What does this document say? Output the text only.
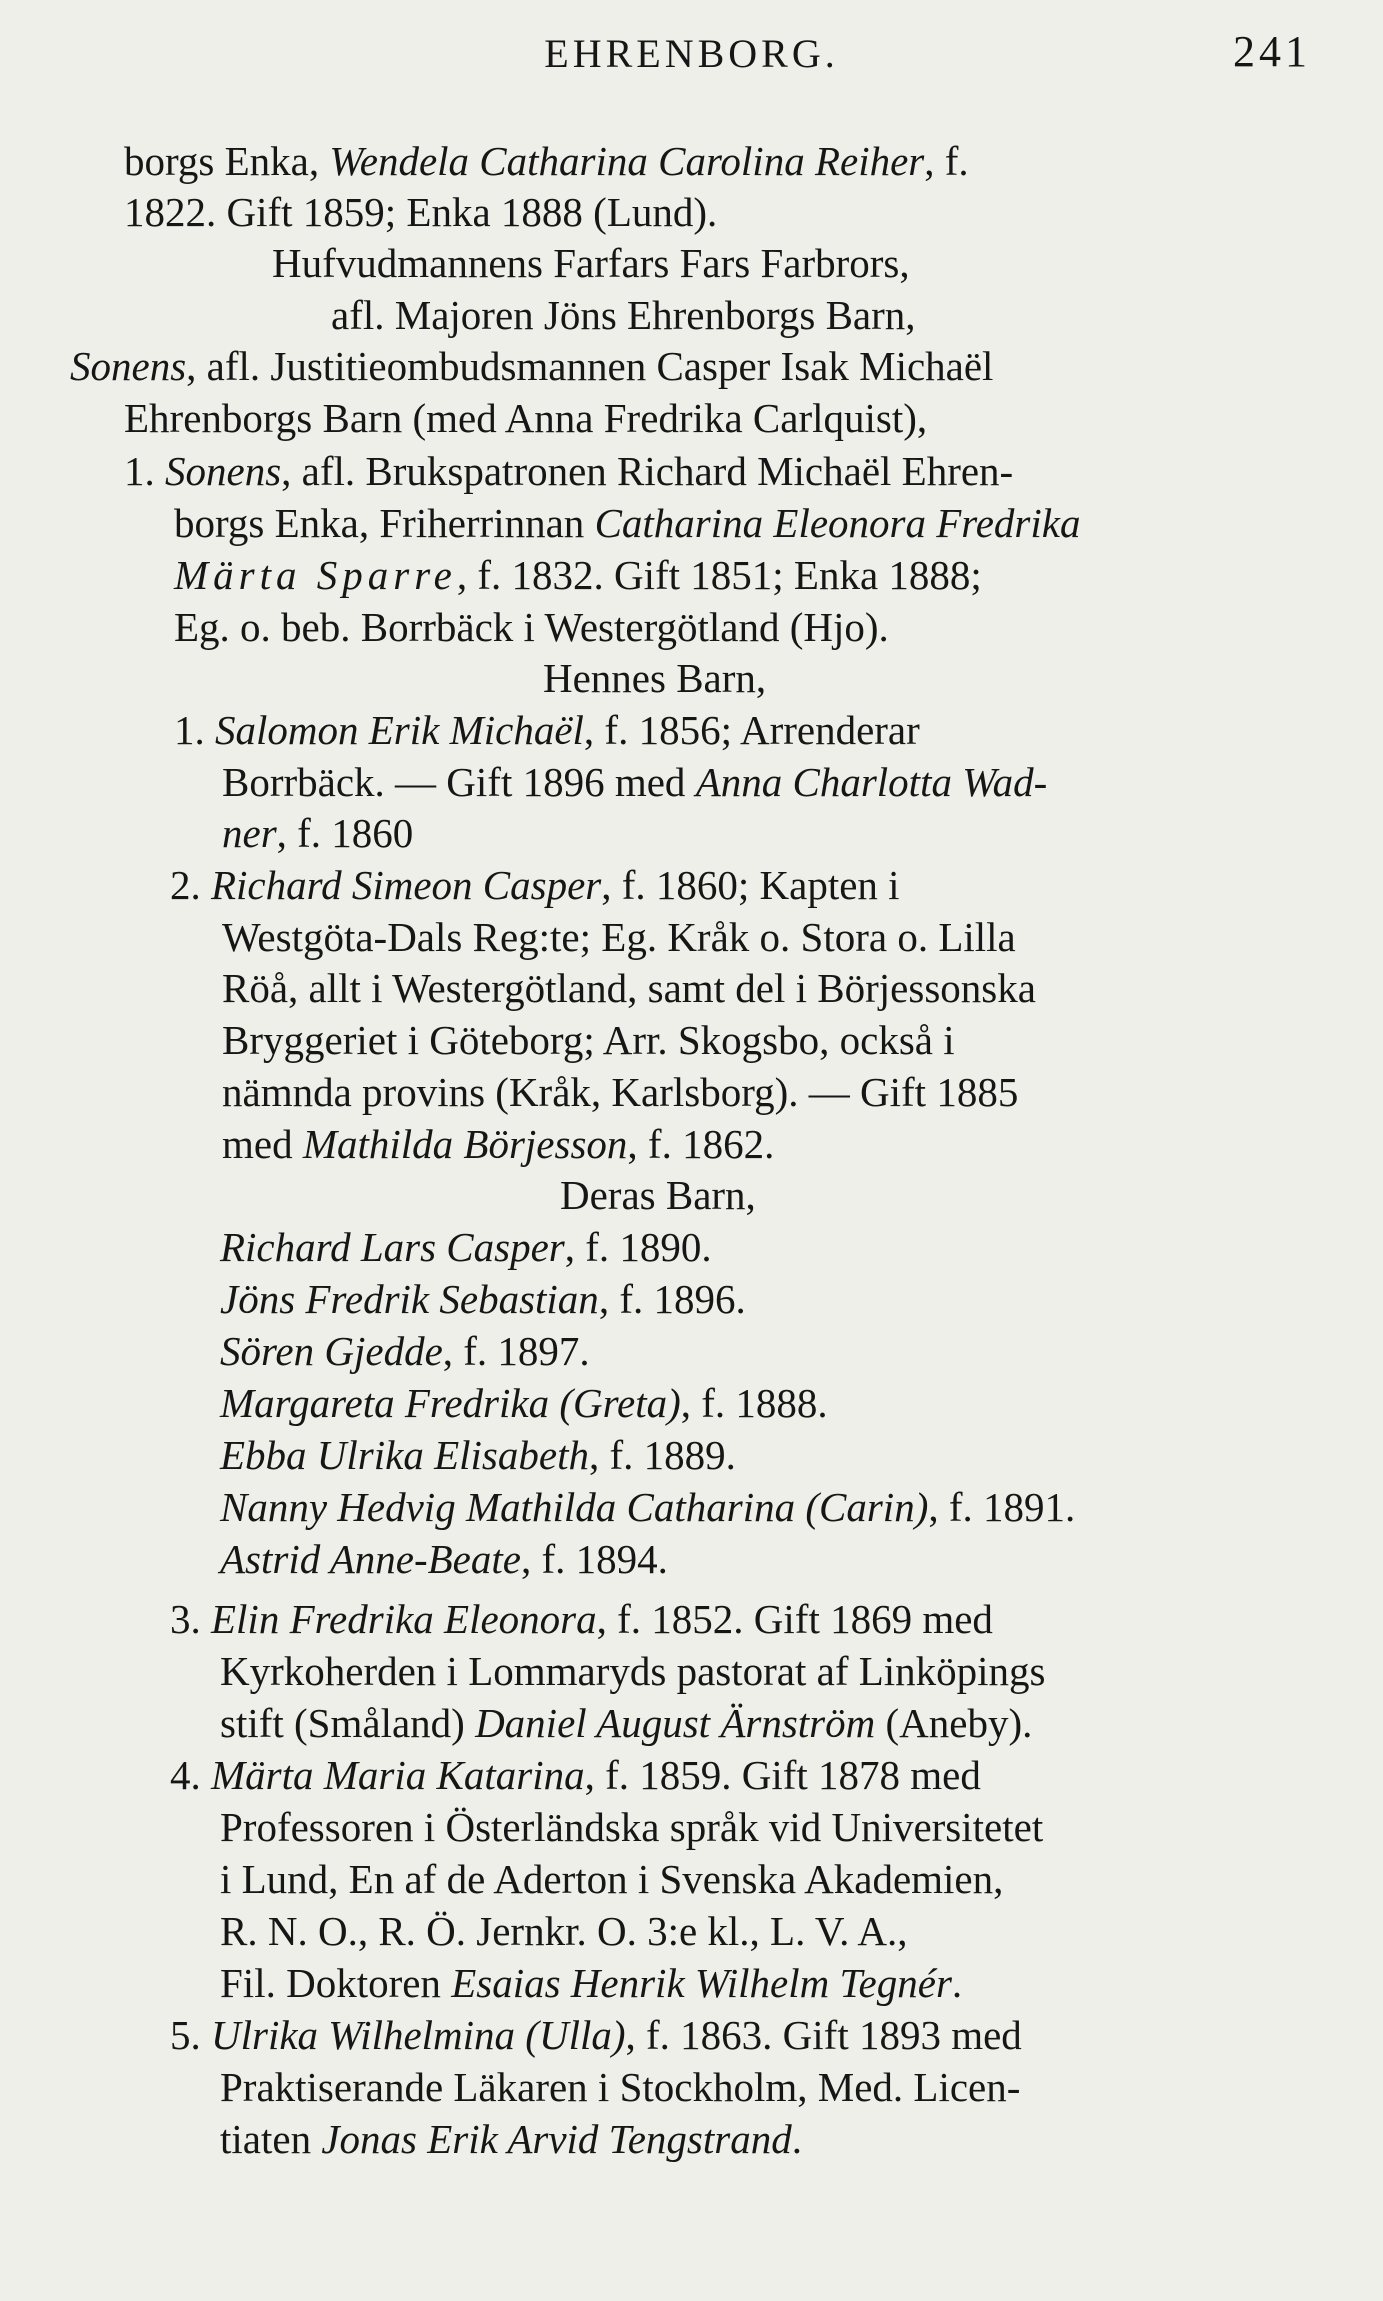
EHRENBORG.	241
borgs Enka, Wendela Catharina Carolina Reiher, f.
1822. Gift 1859; Enka 1888 (Lund).
Hufvudmannens Farfars Fars Farbrors,
afl. Majoren Jöns Ehrenborgs Barn,
Sonens, afl. Justitieombudsmannen Casper Isak Michaël
Ehrenborgs Barn (med Anna Fredrika Carlquist),
1. Sonens, afl. Brukspatronen Richard Michaël Ehren-
borgs Enka, Friherrinnan Catharina Eleonora Fredrika
Märta Sparre, f. 1832. Gift 1851; Enka 1888;
Eg. o. beb. Borrbäck i Westergötland (Hjo).
Hennes Barn,
1. Salomon Erik Michaël, f. 1856; Arrenderar
Borrbäck. — Gift 1896 med Anna Charlotta Wad-
ner, f. 1860
2. Richard Simeon Casper, f. 1860; Kapten i
Westgöta-Dals Reg:te; Eg. Kråk o. Stora o. Lilla
Röå, allt i Westergötland, samt del i Börjessonska
Bryggeriet i Göteborg; Arr. Skogsbo, också i
nämnda provins (Kråk, Karlsborg). — Gift 1885
med Mathilda Börjesson, f. 1862.
Deras Barn,
Richard Lars Casper, f. 1890.
Jöns Fredrik Sebastian, f. 1896.
Sören Gjedde, f. 1897.
Margareta Fredrika (Greta), f. 1888.
Ebba Ulrika Elisabeth, f. 1889.
Nanny Hedvig Mathilda Catharina (Carin), f. 1891.
Astrid Anne-Beate, f. 1894.
3. Elin Fredrika Eleonora, f. 1852. Gift 1869 med
Kyrkoherden i Lommaryds pastorat af Linköpings
stift (Småland) Daniel August Ärnström (Aneby).
4. Märta Maria Katarina, f. 1859. Gift 1878 med
Professoren i Österländska språk vid Universitetet
i Lund, En af de Aderton i Svenska Akademien,
R. N. O., R. Ö. Jernkr. O. 3:e kl., L. V. A.,
Fil. Doktoren Esaias Henrik Wilhelm Tegnér.
5. Ulrika Wilhelmina (Ulla), f. 1863. Gift 1893 med
Praktiserande Läkaren i Stockholm, Med. Licen-
tiaten Jonas Erik Arvid Tengstrand.
